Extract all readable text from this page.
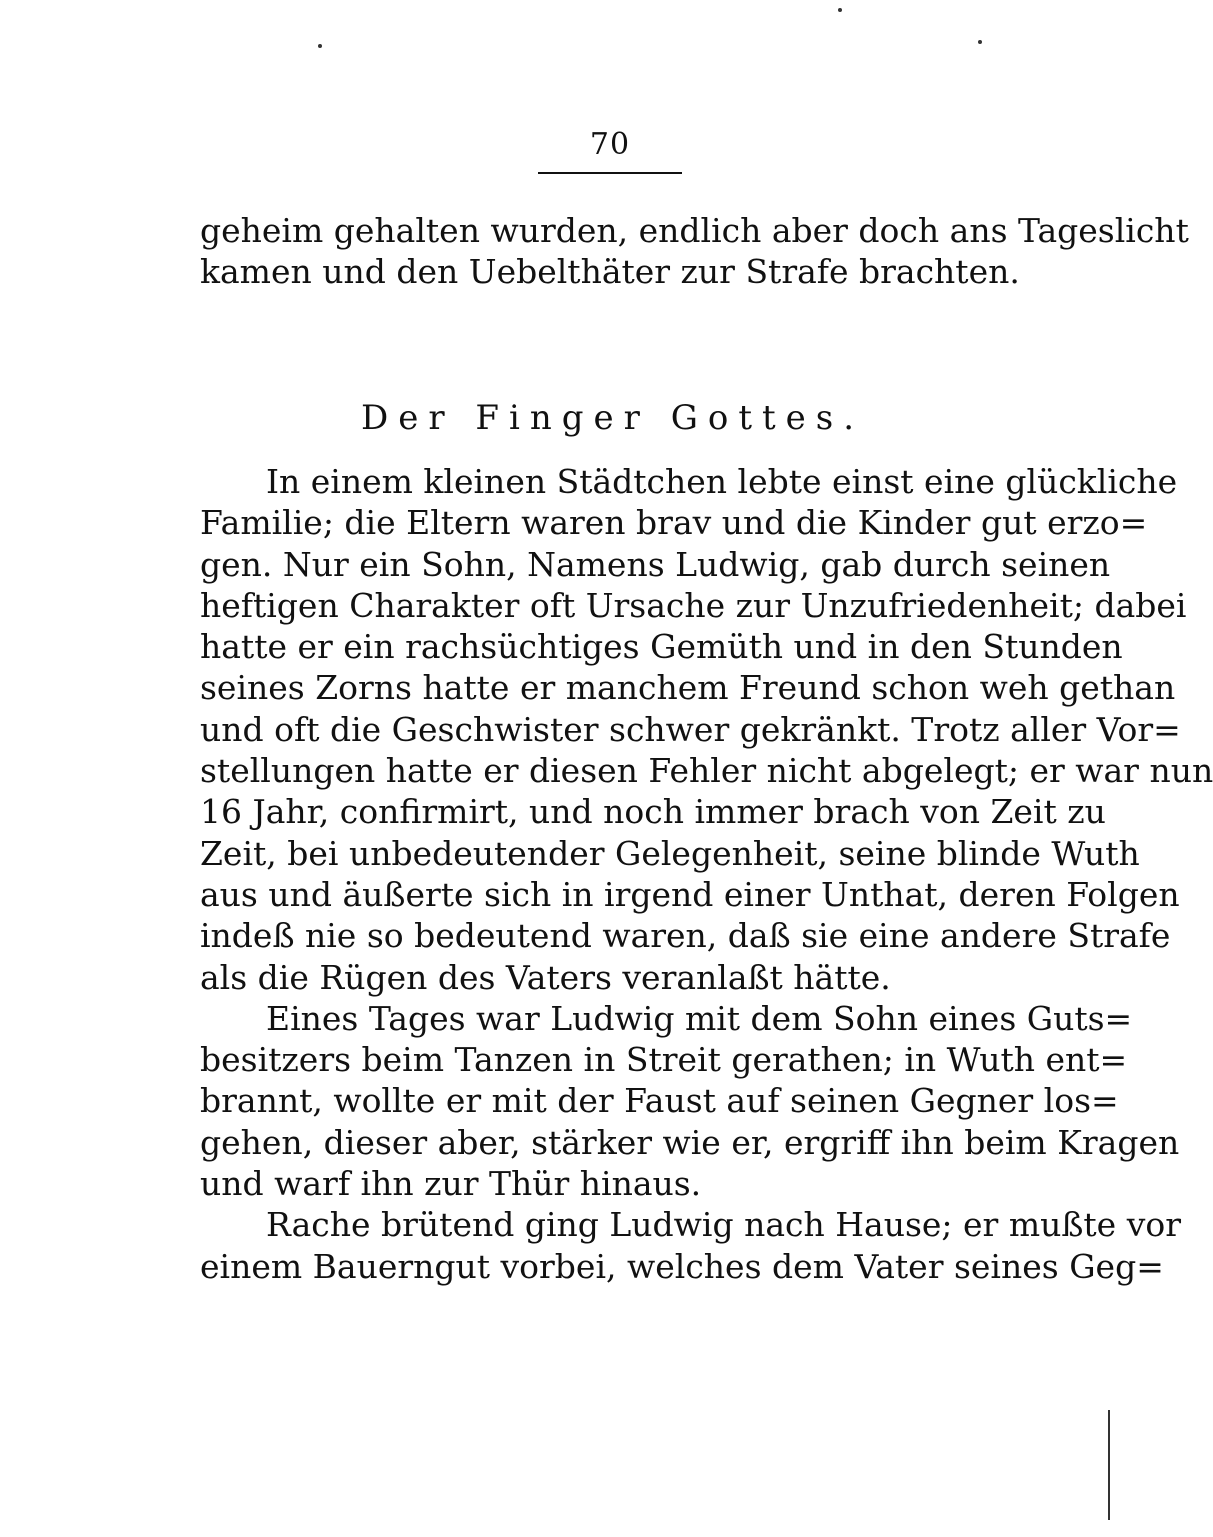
70
geheim gehalten wurden, endlich aber doch ans Tageslicht
kamen und den Uebelthäter zur Strafe brachten.
Der Finger Gottes.
In einem kleinen Städtchen lebte einst eine glückliche
Familie; die Eltern waren brav und die Kinder gut erzo=
gen. Nur ein Sohn, Namens Ludwig, gab durch seinen
heftigen Charakter oft Ursache zur Unzufriedenheit; dabei
hatte er ein rachsüchtiges Gemüth und in den Stunden
seines Zorns hatte er manchem Freund schon weh gethan
und oft die Geschwister schwer gekränkt. Trotz aller Vor=
stellungen hatte er diesen Fehler nicht abgelegt; er war nun
16 Jahr, confirmirt, und noch immer brach von Zeit zu
Zeit, bei unbedeutender Gelegenheit, seine blinde Wuth
aus und äußerte sich in irgend einer Unthat, deren Folgen
indeß nie so bedeutend waren, daß sie eine andere Strafe
als die Rügen des Vaters veranlaßt hätte.
Eines Tages war Ludwig mit dem Sohn eines Guts=
besitzers beim Tanzen in Streit gerathen; in Wuth ent=
brannt, wollte er mit der Faust auf seinen Gegner los=
gehen, dieser aber, stärker wie er, ergriff ihn beim Kragen
und warf ihn zur Thür hinaus.
Rache brütend ging Ludwig nach Hause; er mußte vor
einem Bauerngut vorbei, welches dem Vater seines Geg=
